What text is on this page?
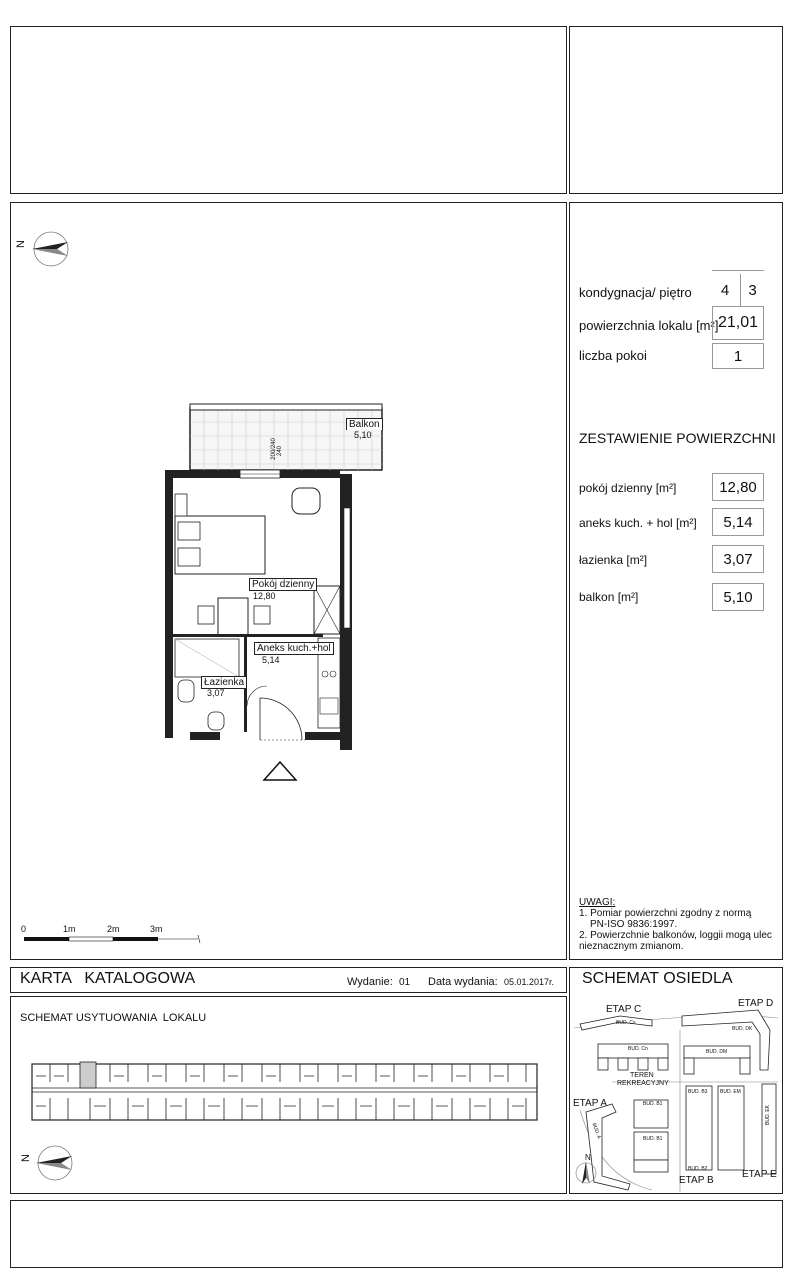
kondygnacja/ piętro	4	3
powierzchnia lokalu [m²] 21,01
liczba pokoi	1
ZESTAWIENIE POWIERZCHNI
pokój dzienny [m²]	12,80
aneks kuch. + hol [m²]	5,14
łazienka [m²]	3,07
balkon [m²]	5,10
UWAGI:
1. Pomiar powierzchni zgodny z normą
PN-ISO 9836:1997.
2. Powierzchnie balkonów, loggii mogą ulec
nieznacznym zmianom.
N
Balkon
5,10
Pokój dzienny
12,80
Aneks kuch.+hol
5,14
Łazienka
3,07
200/240 240
0	1m	2m	3m
KARTA   KATALOGOWA	Wydanie: 01 Data wydania: 05.01.2017r. SCHEMAT OSIEDLA
SCHEMAT USYTUOWANIA  LOKALU
N
ETAP C
ETAP D
ETAP A
ETAP B
ETAP E
TEREN
REKREACYJNY
BUD. Cs
BUD. Cn
BUD. DK
BUD. DM
BUD. B3	BUD. EM
BUD. B1
BUD. B1
BUD. B2
BUD. EK
BUD. A
N
